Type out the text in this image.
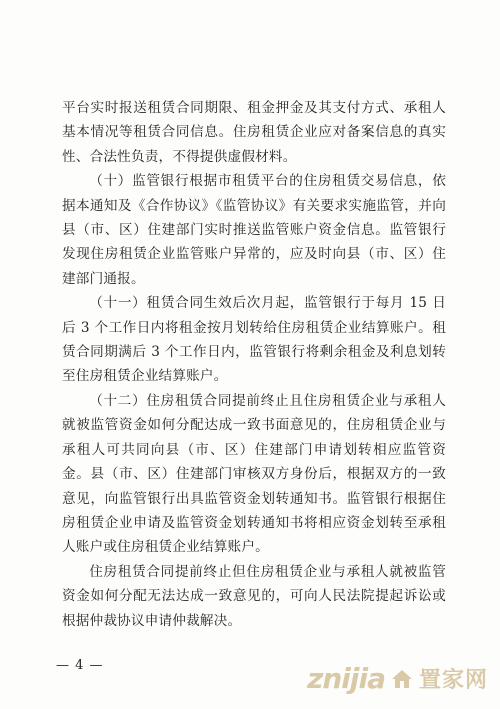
平台实时报送租赁合同期限、租金押金及其支付方式、承租人基本情况等租赁合同信息。住房租赁企业应对备案信息的真实性、合法性负责，不得提供虚假材料。

（十）监管银行根据市租赁平台的住房租赁交易信息，依据本通知及《合作协议》《监管协议》有关要求实施监管，并向县（市、区）住建部门实时推送监管账户资金信息。监管银行发现住房租赁企业监管账户异常的，应及时向县（市、区）住建部门通报。

（十一）租赁合同生效后次月起，监管银行于每月 15 日后 3 个工作日内将租金按月划转给住房租赁企业结算账户。租赁合同期满后 3 个工作日内，监管银行将剩余租金及利息划转至住房租赁企业结算账户。

（十二）住房租赁合同提前终止且住房租赁企业与承租人就被监管资金如何分配达成一致书面意见的，住房租赁企业与承租人可共同向县（市、区）住建部门申请划转相应监管资金。县（市、区）住建部门审核双方身份后，根据双方的一致意见，向监管银行出具监管资金划转通知书。监管银行根据住房租赁企业申请及监管资金划转通知书将相应资金划转至承租人账户或住房租赁企业结算账户。

住房租赁合同提前终止但住房租赁企业与承租人就被监管资金如何分配无法达成一致意见的，可向人民法院提起诉讼或根据仲裁协议申请仲裁解决。

— 4 —	znijia 置家网
